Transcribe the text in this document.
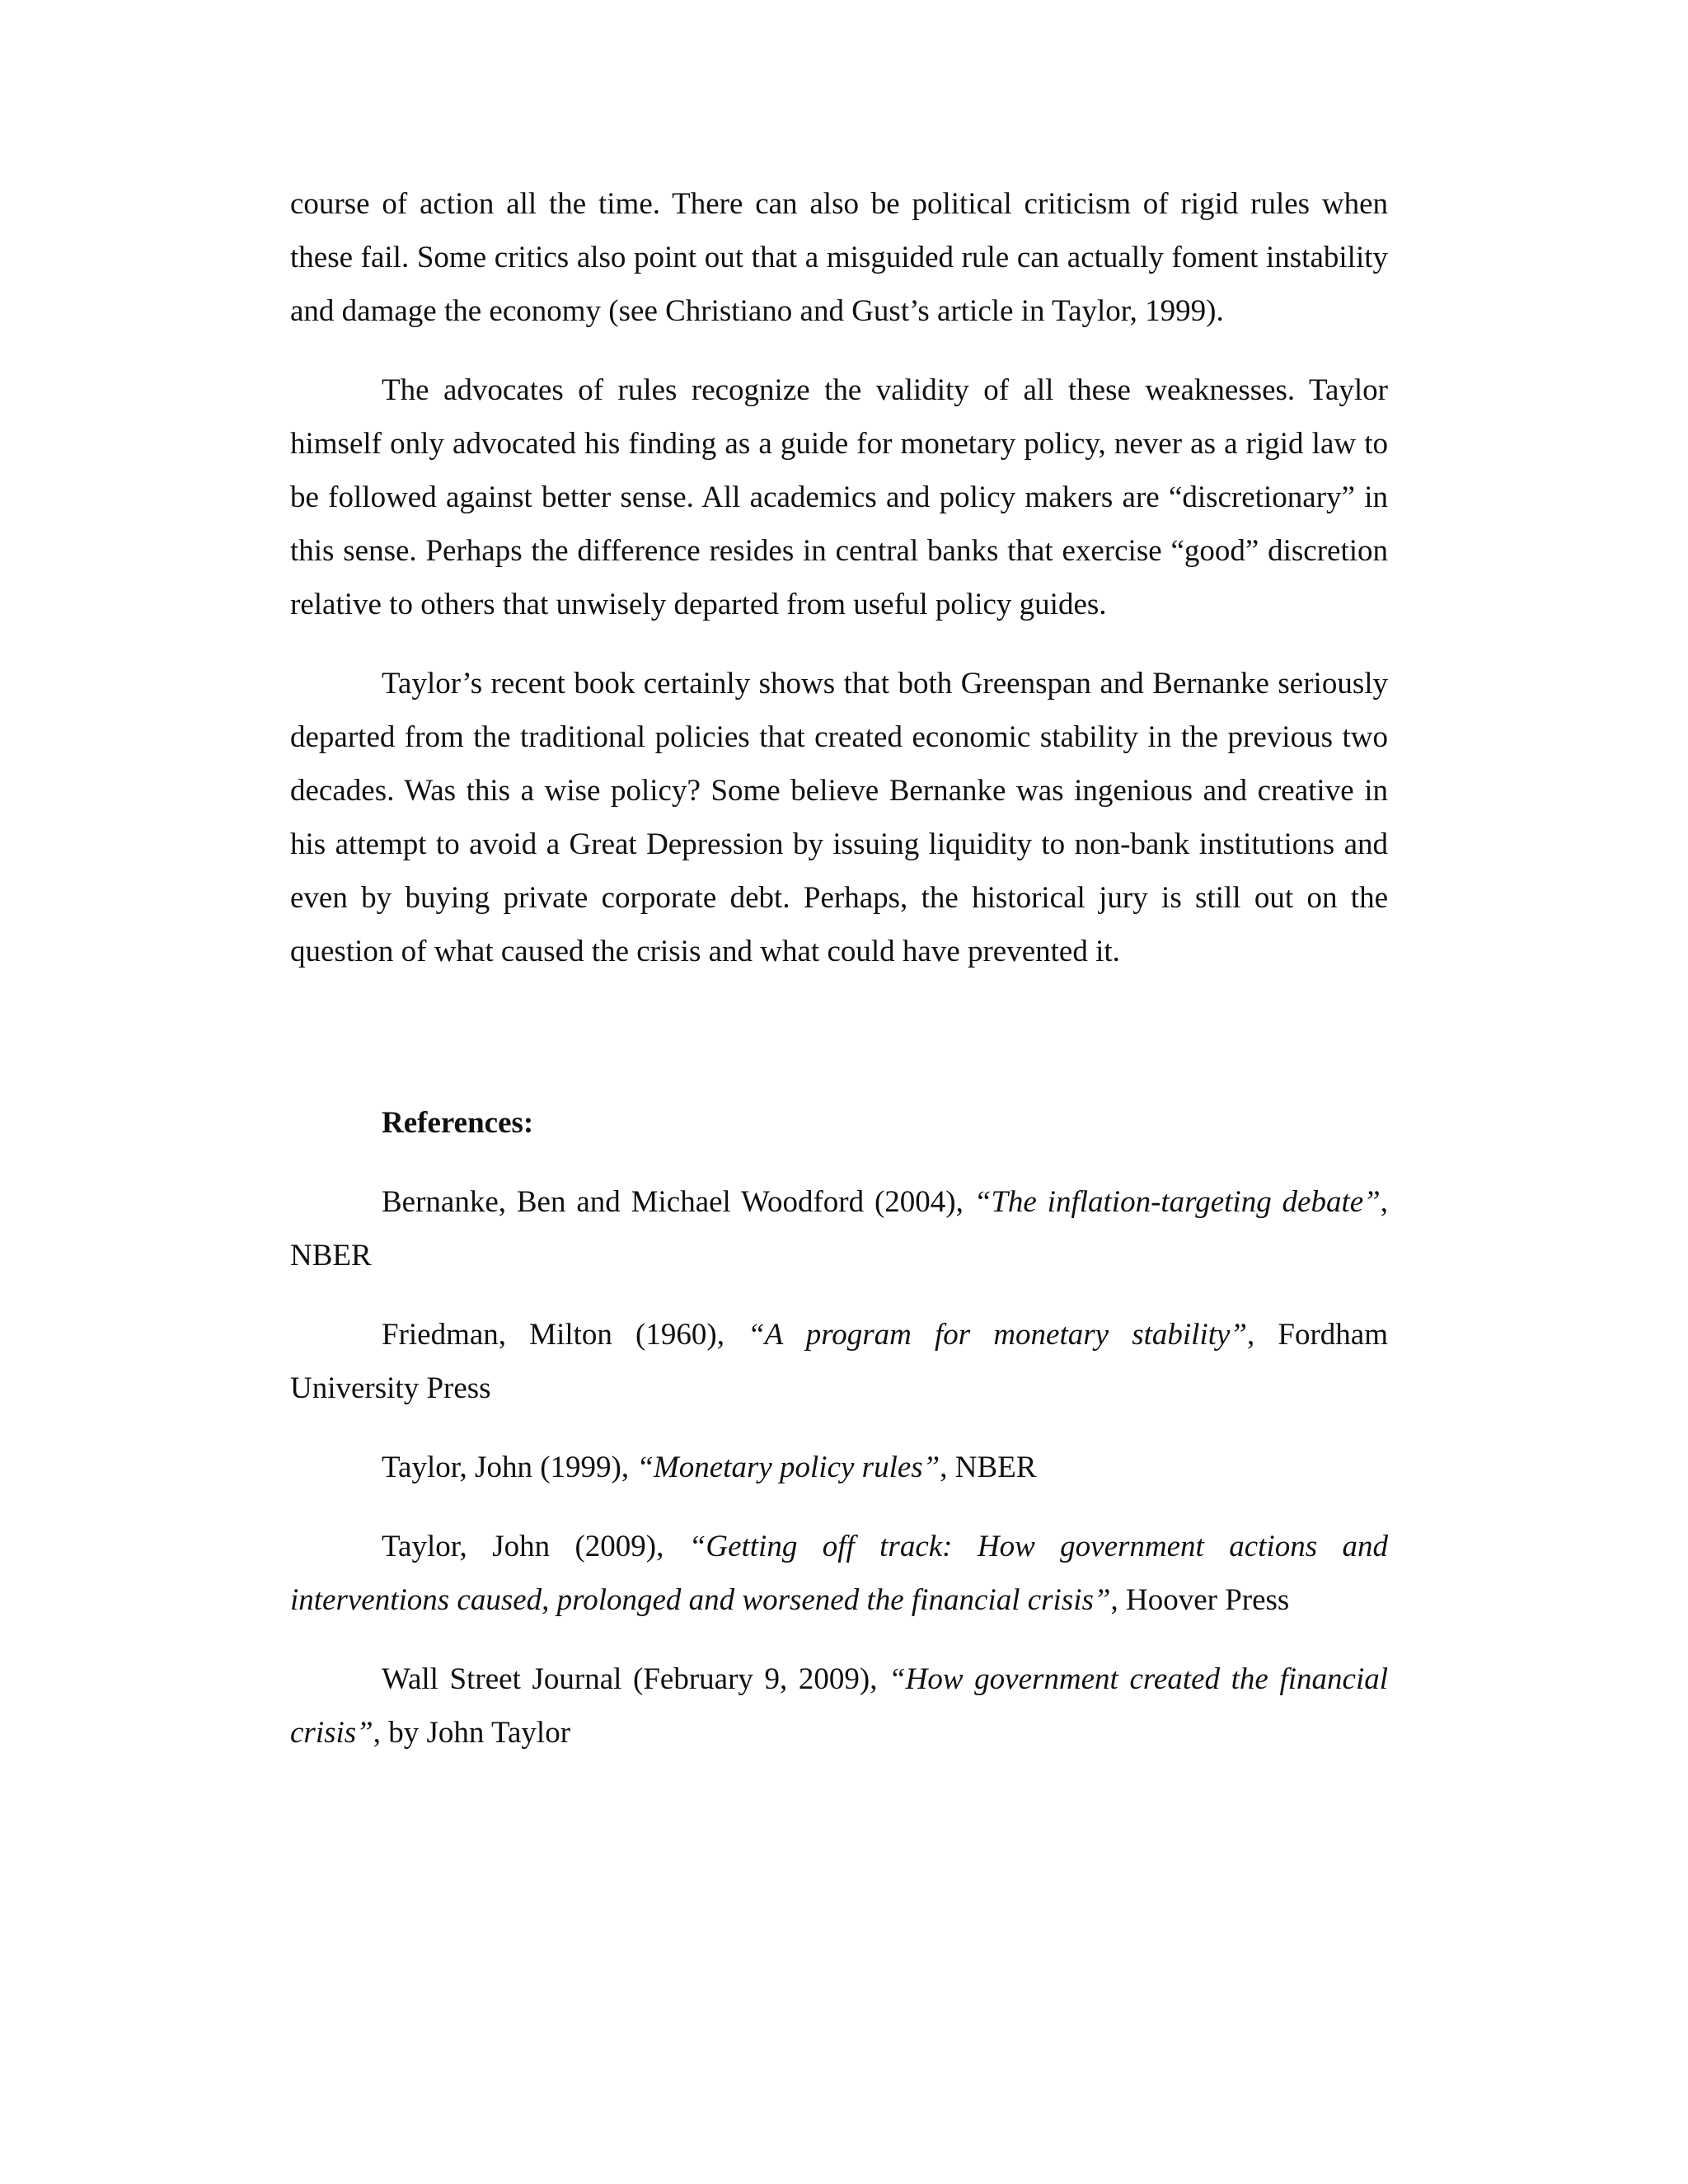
course of action all the time. There can also be political criticism of rigid rules when these fail. Some critics also point out that a misguided rule can actually foment instability and damage the economy (see Christiano and Gust’s article in Taylor, 1999).

The advocates of rules recognize the validity of all these weaknesses. Taylor himself only advocated his finding as a guide for monetary policy, never as a rigid law to be followed against better sense. All academics and policy makers are “discretionary” in this sense. Perhaps the difference resides in central banks that exercise “good” discretion relative to others that unwisely departed from useful policy guides.

Taylor’s recent book certainly shows that both Greenspan and Bernanke seriously departed from the traditional policies that created economic stability in the previous two decades. Was this a wise policy? Some believe Bernanke was ingenious and creative in his attempt to avoid a Great Depression by issuing liquidity to non-bank institutions and even by buying private corporate debt. Perhaps, the historical jury is still out on the question of what caused the crisis and what could have prevented it.

References:

Bernanke, Ben and Michael Woodford (2004), “The inflation-targeting debate”, NBER

Friedman, Milton (1960), “A program for monetary stability”, Fordham University Press

Taylor, John (1999), “Monetary policy rules”, NBER

Taylor, John (2009), “Getting off track: How government actions and interventions caused, prolonged and worsened the financial crisis”, Hoover Press

Wall Street Journal (February 9, 2009), “How government created the financial crisis”, by John Taylor
